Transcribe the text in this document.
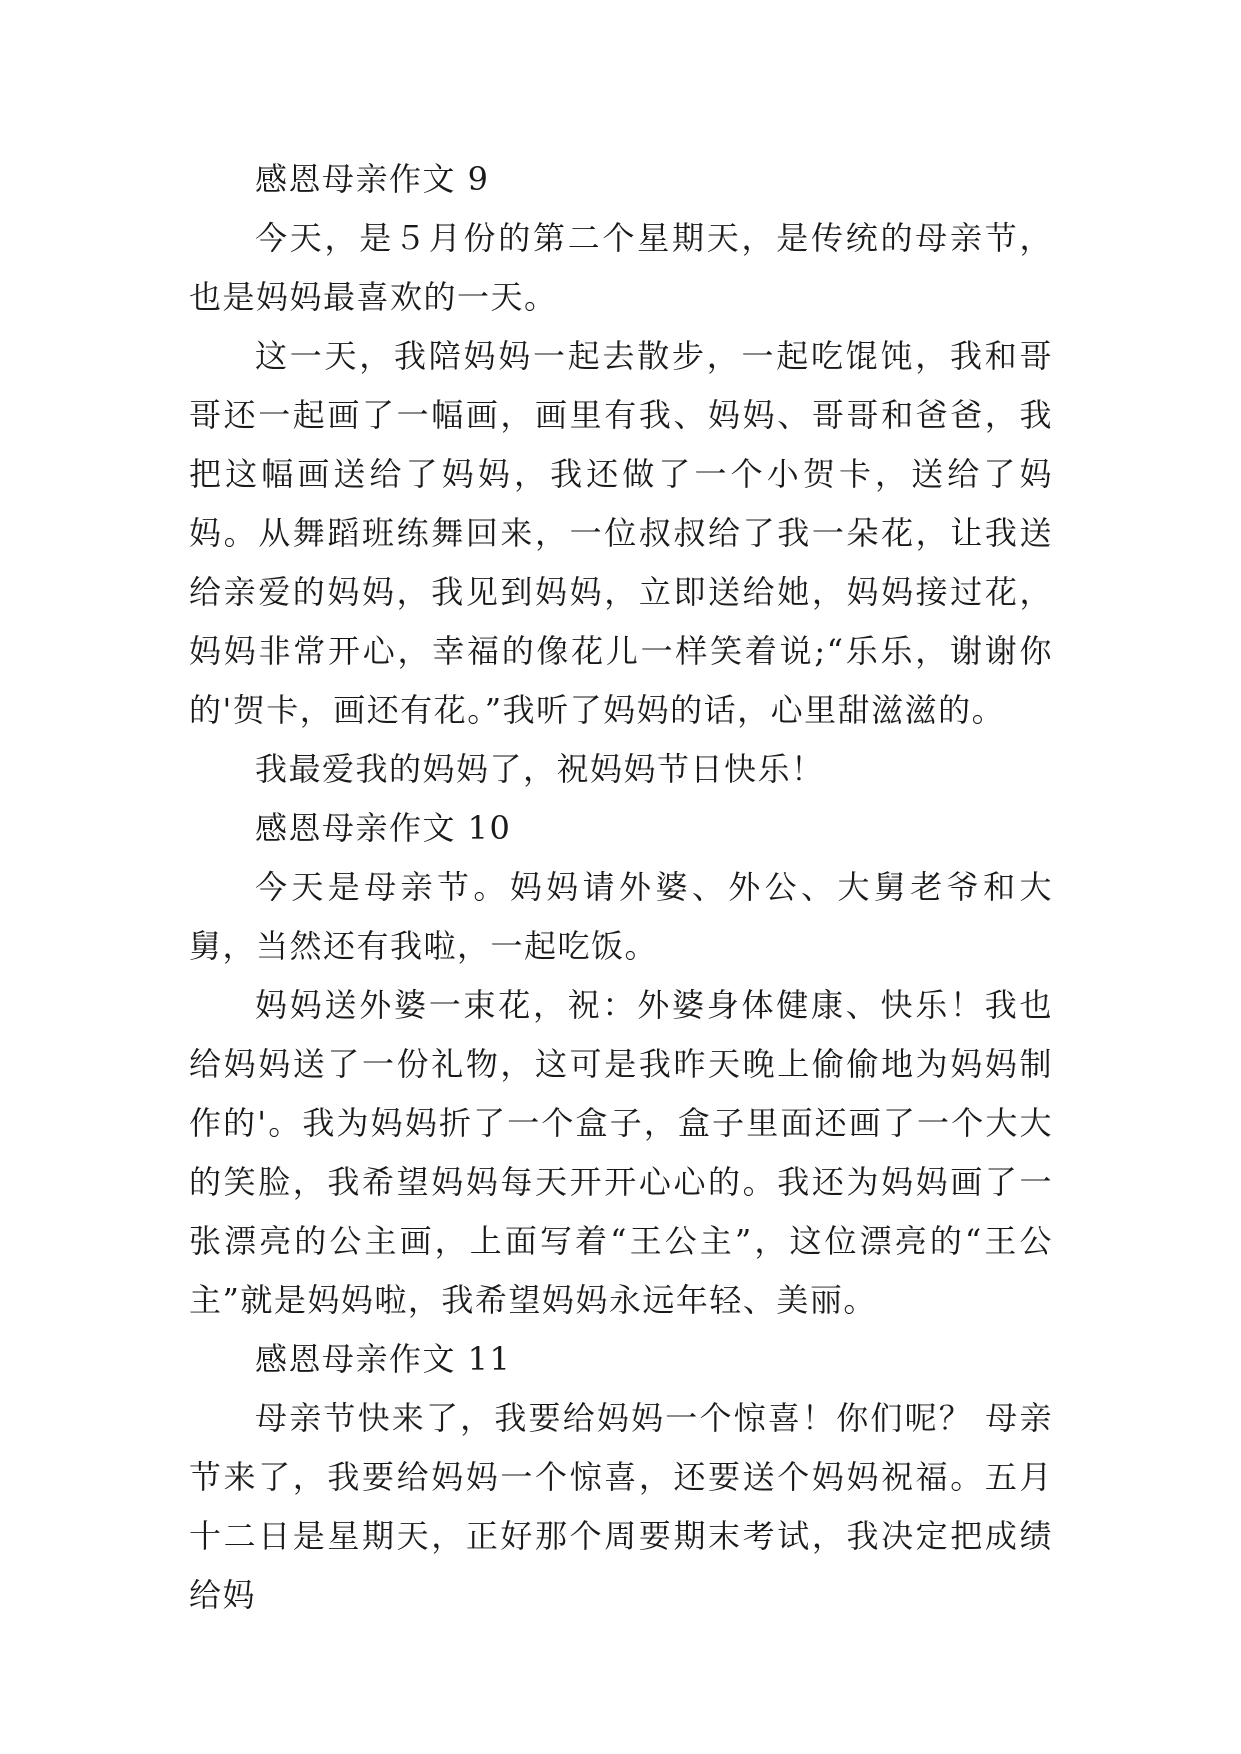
感恩母亲作文 9

今天，是５月份的第二个星期天，是传统的母亲节，也是妈妈最喜欢的一天。

这一天，我陪妈妈一起去散步，一起吃馄饨，我和哥哥还一起画了一幅画，画里有我、妈妈、哥哥和爸爸，我把这幅画送给了妈妈，我还做了一个小贺卡，送给了妈妈。从舞蹈班练舞回来，一位叔叔给了我一朵花，让我送给亲爱的妈妈，我见到妈妈，立即送给她，妈妈接过花，妈妈非常开心，幸福的像花儿一样笑着说;“乐乐，谢谢你的'贺卡，画还有花。”我听了妈妈的话，心里甜滋滋的。

我最爱我的妈妈了，祝妈妈节日快乐！

感恩母亲作文 10

今天是母亲节。妈妈请外婆、外公、大舅老爷和大舅，当然还有我啦，一起吃饭。

妈妈送外婆一束花，祝：外婆身体健康、快乐！我也给妈妈送了一份礼物，这可是我昨天晚上偷偷地为妈妈制作的'。我为妈妈折了一个盒子，盒子里面还画了一个大大的笑脸，我希望妈妈每天开开心心的。我还为妈妈画了一张漂亮的公主画，上面写着“王公主”，这位漂亮的“王公主”就是妈妈啦，我希望妈妈永远年轻、美丽。

感恩母亲作文 11

母亲节快来了，我要给妈妈一个惊喜！你们呢？ 母亲节来了，我要给妈妈一个惊喜，还要送个妈妈祝福。五月十二日是星期天，正好那个周要期末考试，我决定把成绩给妈
